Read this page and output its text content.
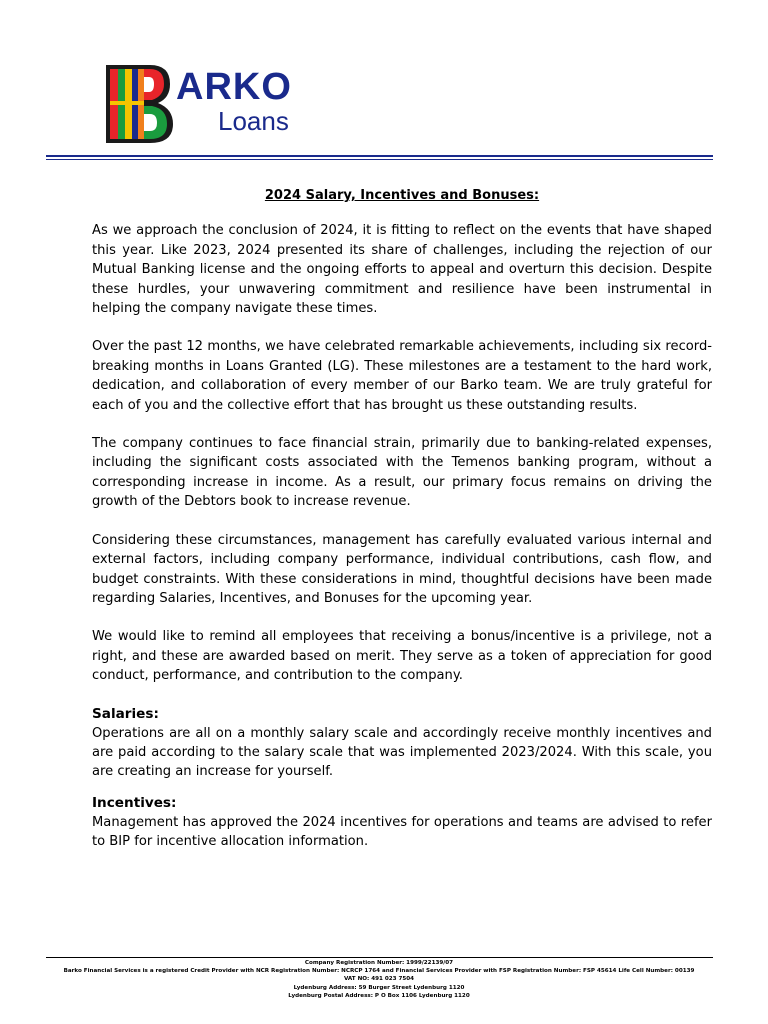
ARKO
Loans
2024 Salary, Incentives and Bonuses:

As we approach the conclusion of 2024, it is fitting to reflect on the events that have shaped this year. Like 2023, 2024 presented its share of challenges, including the rejection of our Mutual Banking license and the ongoing efforts to appeal and overturn this decision. Despite these hurdles, your unwavering commitment and resilience have been instrumental in helping the company navigate these times.

Over the past 12 months, we have celebrated remarkable achievements, including six record-breaking months in Loans Granted (LG). These milestones are a testament to the hard work, dedication, and collaboration of every member of our Barko team. We are truly grateful for each of you and the collective effort that has brought us these outstanding results.

The company continues to face financial strain, primarily due to banking-related expenses, including the significant costs associated with the Temenos banking program, without a corresponding increase in income. As a result, our primary focus remains on driving the growth of the Debtors book to increase revenue.

Considering these circumstances, management has carefully evaluated various internal and external factors, including company performance, individual contributions, cash flow, and budget constraints. With these considerations in mind, thoughtful decisions have been made regarding Salaries, Incentives, and Bonuses for the upcoming year.

We would like to remind all employees that receiving a bonus/incentive is a privilege, not a right, and these are awarded based on merit. They serve as a token of appreciation for good conduct, performance, and contribution to the company.

Salaries:

Operations are all on a monthly salary scale and accordingly receive monthly incentives and are paid according to the salary scale that was implemented 2023/2024. With this scale, you are creating an increase for yourself.

Incentives:

Management has approved the 2024 incentives for operations and teams are advised to refer to BIP for incentive allocation information.

Company Registration Number: 1999/22139/07
Barko Financial Services is a registered Credit Provider with NCR Registration Number: NCRCP 1764 and Financial Services Provider with FSP Registration Number: FSP 45614 Life Cell Number: 00139
VAT NO: 491 023 7504
Lydenburg Address: 59 Burger Street Lydenburg 1120
Lydenburg Postal Address: P O Box 1106 Lydenburg 1120
